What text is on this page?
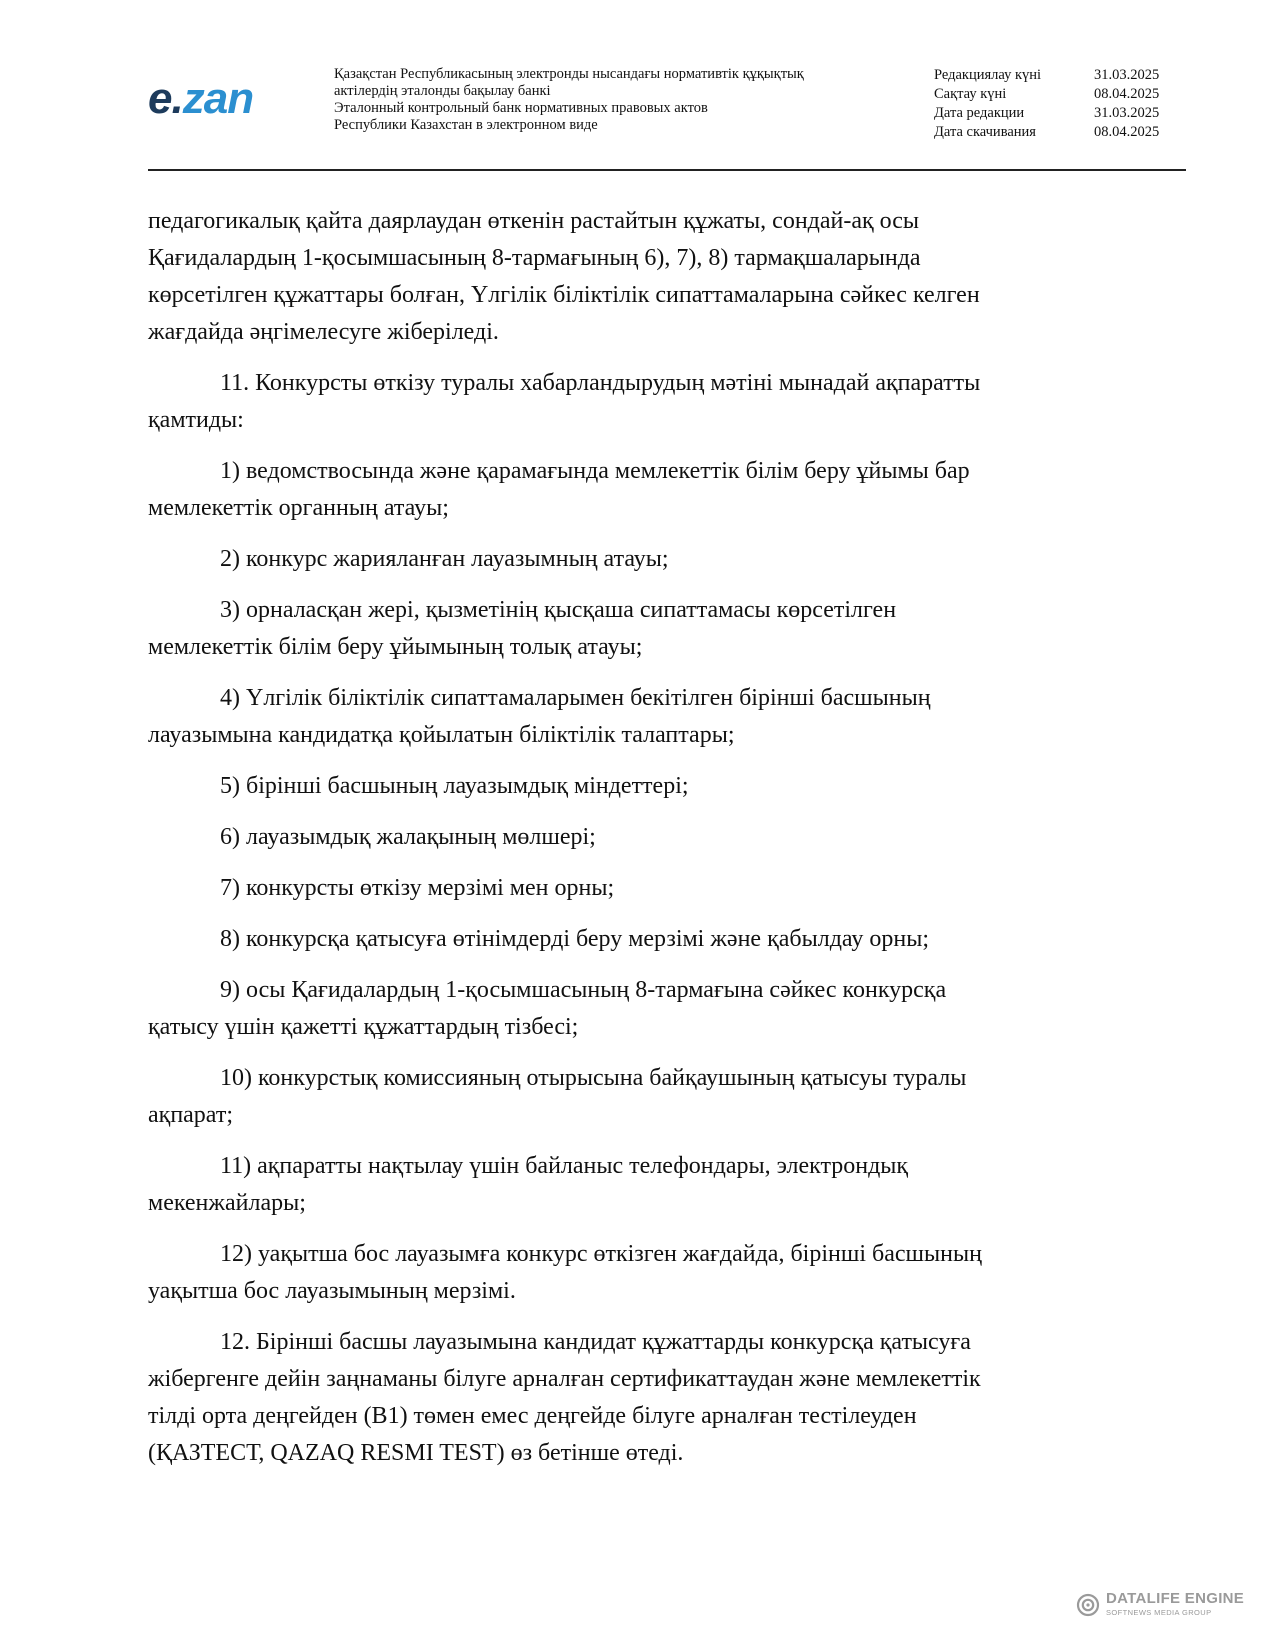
e.zan	Қазақстан Республикасының электронды нысандағы нормативтік құқықтық
актілердің эталонды бақылау банкі
Эталонный контрольный банк нормативных правовых актов
Республики Казахстан в электронном виде
Редакциялау күні	31.03.2025
Сақтау күні	08.04.2025
Дата редакции	31.03.2025
Дата скачивания	08.04.2025

педагогикалық қайта даярлаудан өткенін растайтын құжаты, сондай-ақ осы
Қағидалардың 1-қосымшасының 8-тармағының 6), 7), 8) тармақшаларында
көрсетілген құжаттары болған, Үлгілік біліктілік сипаттамаларына сәйкес келген
жағдайда әңгімелесуге жіберіледі.

11. Конкурсты өткізу туралы хабарландырудың мәтіні мынадай ақпаратты
қамтиды:

1) ведомствосында және қарамағында мемлекеттік білім беру ұйымы бар
мемлекеттік органның атауы;

2) конкурс жарияланған лауазымның атауы;

3) орналасқан жері, қызметінің қысқаша сипаттамасы көрсетілген
мемлекеттік білім беру ұйымының толық атауы;

4) Үлгілік біліктілік сипаттамаларымен бекітілген бірінші басшының
лауазымына кандидатқа қойылатын біліктілік талаптары;

5) бірінші басшының лауазымдық міндеттері;

6) лауазымдық жалақының мөлшері;

7) конкурсты өткізу мерзімі мен орны;

8) конкурсқа қатысуға өтінімдерді беру мерзімі және қабылдау орны;

9) осы Қағидалардың 1-қосымшасының 8-тармағына сәйкес конкурсқа
қатысу үшін қажетті құжаттардың тізбесі;

10) конкурстық комиссияның отырысына байқаушының қатысуы туралы
ақпарат;

11) ақпаратты нақтылау үшін байланыс телефондары, электрондық
мекенжайлары;

12) уақытша бос лауазымға конкурс өткізген жағдайда, бірінші басшының
уақытша бос лауазымының мерзімі.

12. Бірінші басшы лауазымына кандидат құжаттарды конкурсқа қатысуға
жібергенге дейін заңнаманы білуге арналған сертификаттаудан және мемлекеттік
тілді орта деңгейден (В1) төмен емес деңгейде білуге арналған тестілеуден
(ҚАЗТЕСТ, QAZAQ RESMI TEST) өз бетінше өтеді.

DATALIFE ENGINE
SOFTNEWS MEDIA GROUP
